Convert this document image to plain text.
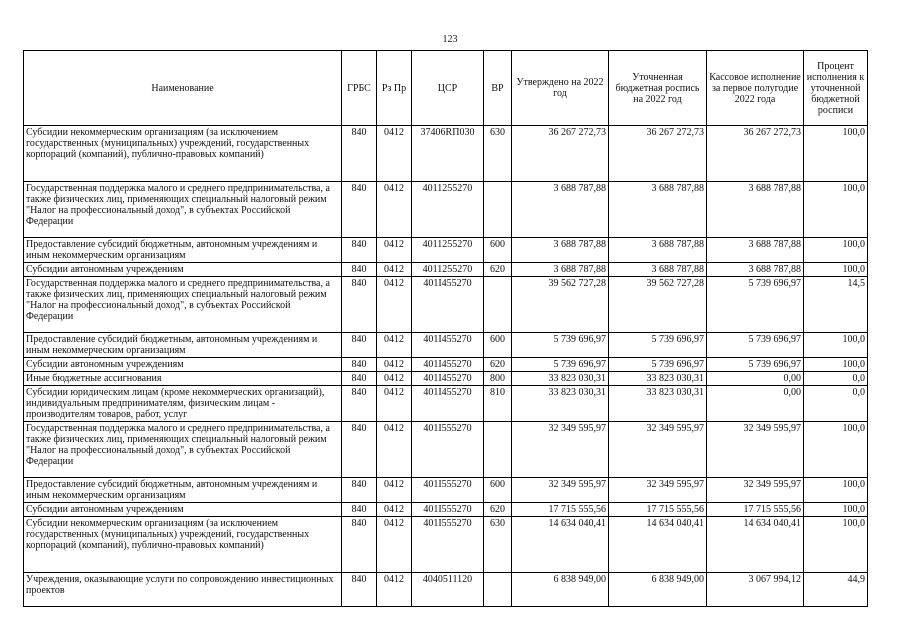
123
Наименование	ГРБС	Рз Пр	ЦСР	ВР	Утверждено на 2022 год	Уточненная бюджетная роспись на 2022 год	Кассовое исполнение за первое полугодие 2022 года	Процент исполнения к уточненной бюджетной росписи
Субсидии некоммерческим организациям (за исключением государственных (муниципальных) учреждений, государственных корпораций (компаний), публично-правовых компаний)	840	0412	37406RП030	630	36 267 272,73	36 267 272,73	36 267 272,73	100,0
Государственная поддержка малого и среднего предпринимательства, а также физических лиц, применяющих специальный налоговый режим "Налог на профессиональный доход", в субъектах Российской Федерации	840	0412	4011255270		3 688 787,88	3 688 787,88	3 688 787,88	100,0
Предоставление субсидий бюджетным, автономным учреждениям и иным некоммерческим организациям	840	0412	4011255270	600	3 688 787,88	3 688 787,88	3 688 787,88	100,0
Субсидии автономным учреждениям	840	0412	4011255270	620	3 688 787,88	3 688 787,88	3 688 787,88	100,0
Государственная поддержка малого и среднего предпринимательства, а также физических лиц, применяющих специальный налоговый режим "Налог на профессиональный доход", в субъектах Российской Федерации	840	0412	401I455270		39 562 727,28	39 562 727,28	5 739 696,97	14,5
Предоставление субсидий бюджетным, автономным учреждениям и иным некоммерческим организациям	840	0412	401I455270	600	5 739 696,97	5 739 696,97	5 739 696,97	100,0
Субсидии автономным учреждениям	840	0412	401I455270	620	5 739 696,97	5 739 696,97	5 739 696,97	100,0
Иные бюджетные ассигнования	840	0412	401I455270	800	33 823 030,31	33 823 030,31	0,00	0,0
Субсидии юридическим лицам (кроме некоммерческих организаций), индивидуальным предпринимателям, физическим лицам - производителям товаров, работ, услуг	840	0412	401I455270	810	33 823 030,31	33 823 030,31	0,00	0,0
Государственная поддержка малого и среднего предпринимательства, а также физических лиц, применяющих специальный налоговый режим "Налог на профессиональный доход", в субъектах Российской Федерации	840	0412	401I555270		32 349 595,97	32 349 595,97	32 349 595,97	100,0
Предоставление субсидий бюджетным, автономным учреждениям и иным некоммерческим организациям	840	0412	401I555270	600	32 349 595,97	32 349 595,97	32 349 595,97	100,0
Субсидии автономным учреждениям	840	0412	401I555270	620	17 715 555,56	17 715 555,56	17 715 555,56	100,0
Субсидии некоммерческим организациям (за исключением государственных (муниципальных) учреждений, государственных корпораций (компаний), публично-правовых компаний)	840	0412	401I555270	630	14 634 040,41	14 634 040,41	14 634 040,41	100,0
Учреждения, оказывающие услуги по сопровождению инвестиционных проектов	840	0412	4040511120		6 838 949,00	6 838 949,00	3 067 994,12	44,9
